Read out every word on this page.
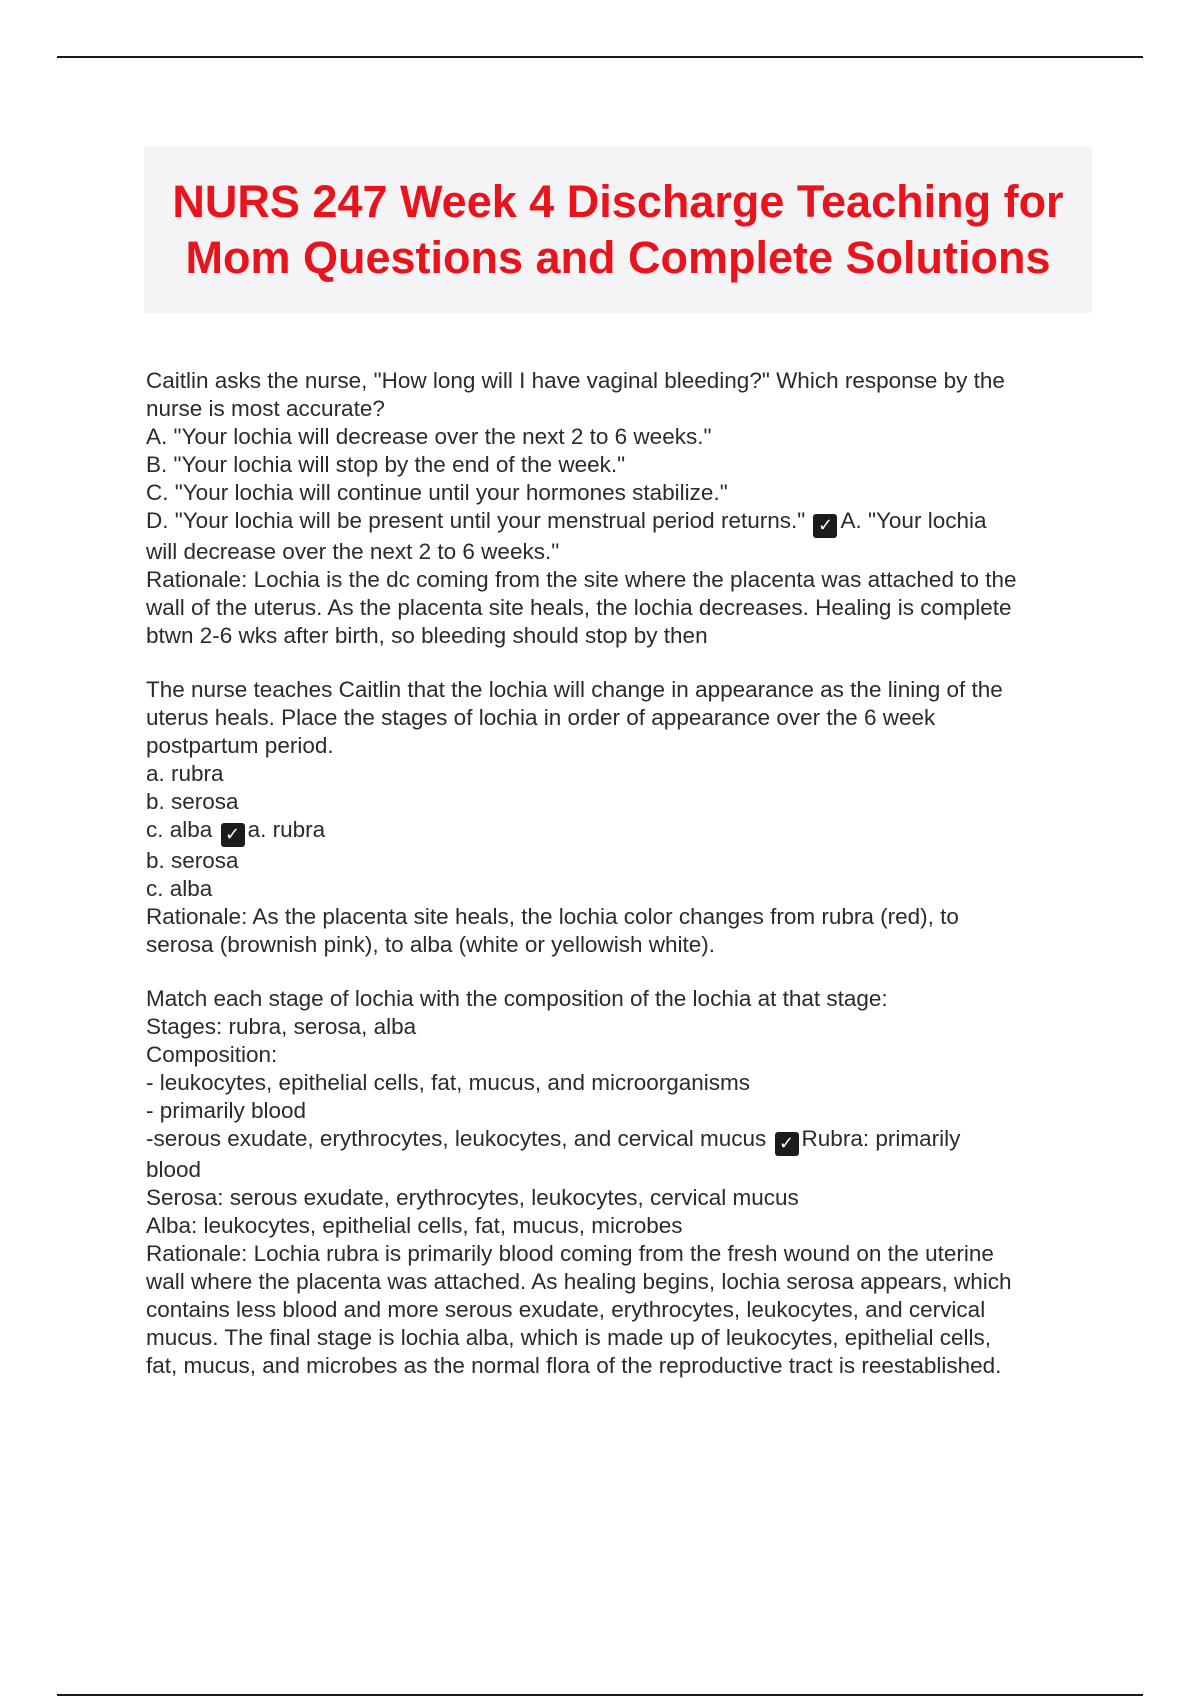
NURS 247 Week 4 Discharge Teaching for Mom Questions and Complete Solutions
Caitlin asks the nurse, "How long will I have vaginal bleeding?" Which response by the
nurse is most accurate?
A. "Your lochia will decrease over the next 2 to 6 weeks."
B. "Your lochia will stop by the end of the week."
C. "Your lochia will continue until your hormones stabilize."
D. "Your lochia will be present until your menstrual period returns." ✓ A. "Your lochia
will decrease over the next 2 to 6 weeks."
Rationale: Lochia is the dc coming from the site where the placenta was attached to the
wall of the uterus. As the placenta site heals, the lochia decreases. Healing is complete
btwn 2-6 wks after birth, so bleeding should stop by then
The nurse teaches Caitlin that the lochia will change in appearance as the lining of the
uterus heals. Place the stages of lochia in order of appearance over the 6 week
postpartum period.
a. rubra
b. serosa
c. alba ✓ a. rubra
b. serosa
c. alba
Rationale: As the placenta site heals, the lochia color changes from rubra (red), to
serosa (brownish pink), to alba (white or yellowish white).
Match each stage of lochia with the composition of the lochia at that stage:
Stages: rubra, serosa, alba
Composition:
- leukocytes, epithelial cells, fat, mucus, and microorganisms
- primarily blood
-serous exudate, erythrocytes, leukocytes, and cervical mucus ✓ Rubra: primarily
blood
Serosa: serous exudate, erythrocytes, leukocytes, cervical mucus
Alba: leukocytes, epithelial cells, fat, mucus, microbes
Rationale: Lochia rubra is primarily blood coming from the fresh wound on the uterine
wall where the placenta was attached. As healing begins, lochia serosa appears, which
contains less blood and more serous exudate, erythrocytes, leukocytes, and cervical
mucus. The final stage is lochia alba, which is made up of leukocytes, epithelial cells,
fat, mucus, and microbes as the normal flora of the reproductive tract is reestablished.
